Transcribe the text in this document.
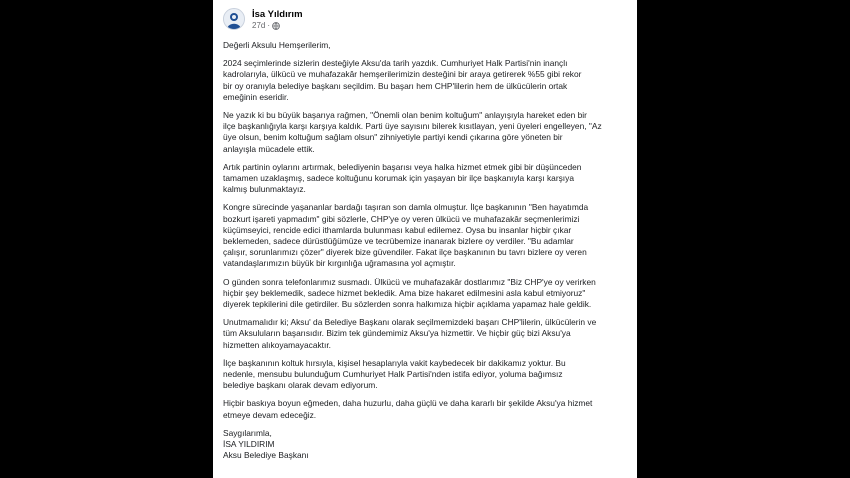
İsa Yıldırım
27d ·

Değerli Aksulu Hemşerilerim,

2024 seçimlerinde sizlerin desteğiyle Aksu'da tarih yazdık. Cumhuriyet Halk Partisi'nin inançlı
kadrolarıyla, ülkücü ve muhafazakâr hemşerilerimizin desteğini bir araya getirerek %55 gibi rekor
bir oy oranıyla belediye başkanı seçildim. Bu başarı hem CHP'lilerin hem de ülkücülerin ortak
emeğinin eseridir.

Ne yazık ki bu büyük başarıya rağmen, "Önemli olan benim koltuğum" anlayışıyla hareket eden bir
ilçe başkanlığıyla karşı karşıya kaldık. Parti üye sayısını bilerek kısıtlayan, yeni üyeleri engelleyen, "Az
üye olsun, benim koltuğum sağlam olsun" zihniyetiyle partiyi kendi çıkarına göre yöneten bir
anlayışla mücadele ettik.

Artık partinin oylarını artırmak, belediyenin başarısı veya halka hizmet etmek gibi bir düşünceden
tamamen uzaklaşmış, sadece koltuğunu korumak için yaşayan bir ilçe başkanıyla karşı karşıya
kalmış bulunmaktayız.

Kongre sürecinde yaşananlar bardağı taşıran son damla olmuştur. İlçe başkanının "Ben hayatımda
bozkurt işareti yapmadım" gibi sözlerle, CHP'ye oy veren ülkücü ve muhafazakâr seçmenlerimizi
küçümseyici, rencide edici ithamlarda bulunması kabul edilemez. Oysa bu insanlar hiçbir çıkar
beklemeden, sadece dürüstlüğümüze ve tecrübemize inanarak bizlere oy verdiler. "Bu adamlar
çalışır, sorunlarımızı çözer" diyerek bize güvendiler. Fakat ilçe başkanının bu tavrı bizlere oy veren
vatandaşlarımızın büyük bir kırgınlığa uğramasına yol açmıştır.

O günden sonra telefonlarımız susmadı. Ülkücü ve muhafazakâr dostlarımız "Biz CHP'ye oy verirken
hiçbir şey beklemedik, sadece hizmet bekledik. Ama bize hakaret edilmesini asla kabul etmiyoruz"
diyerek tepkilerini dile getirdiler. Bu sözlerden sonra halkımıza hiçbir açıklama yapamaz hale geldik.

Unutmamalıdır ki; Aksu' da Belediye Başkanı olarak seçilmemizdeki başarı CHP'lilerin, ülkücülerin ve
tüm Aksuluların başarısıdır. Bizim tek gündemimiz Aksu'ya hizmettir. Ve hiçbir güç bizi Aksu'ya
hizmetten alıkoyamayacaktır.

İlçe başkanının koltuk hırsıyla, kişisel hesaplarıyla vakit kaybedecek bir dakikamız yoktur. Bu
nedenle, mensubu bulunduğum Cumhuriyet Halk Partisi'nden istifa ediyor, yoluma bağımsız
belediye başkanı olarak devam ediyorum.

Hiçbir baskıya boyun eğmeden, daha huzurlu, daha güçlü ve daha kararlı bir şekilde Aksu'ya hizmet
etmeye devam edeceğiz.

Saygılarımla,

İSA YILDIRIM

Aksu Belediye Başkanı
